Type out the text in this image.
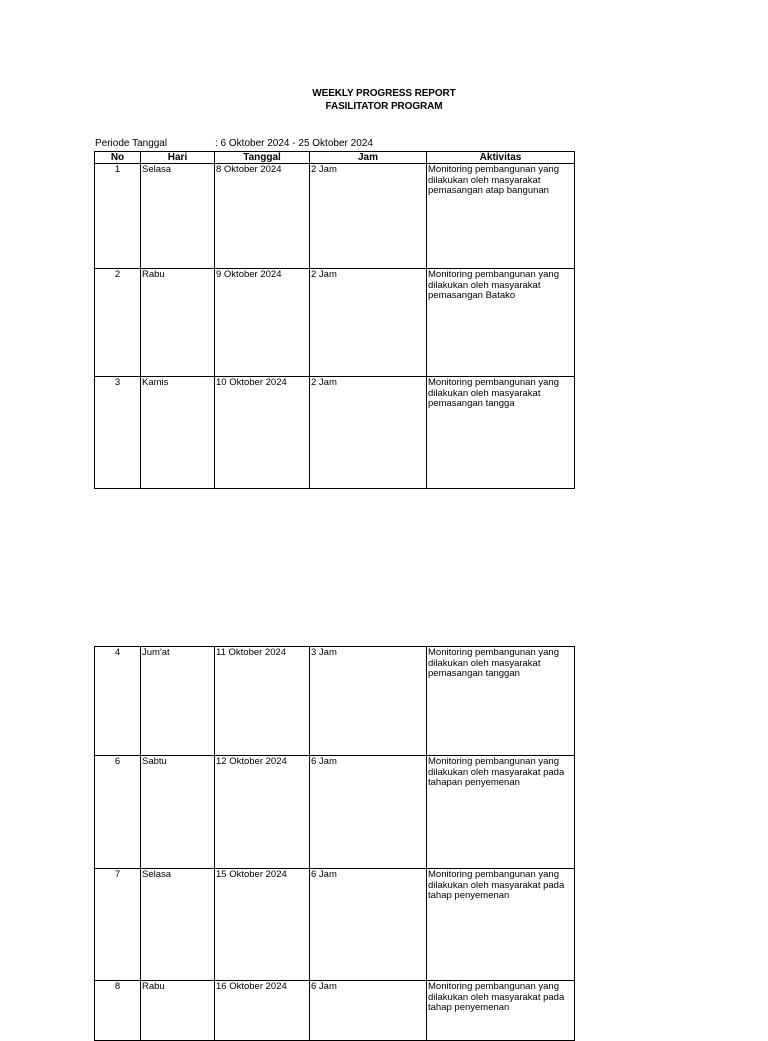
WEEKLY PROGRESS REPORT
FASILITATOR PROGRAM
Periode Tanggal	: 6 Oktober 2024 - 25 Oktober 2024
No	Hari	Tanggal	Jam	Aktivitas
1	Selasa	8 Oktober 2024	2 Jam	Monitoring pembangunan yang dilakukan oleh masyarakat pemasangan atap bangunan
2	Rabu	9 Oktober 2024	2 Jam	Monitoring pembangunan yang dilakukan oleh masyarakat pemasangan Batako
3	Kamis	10 Oktober 2024	2 Jam	Monitoring pembangunan yang dilakukan oleh masyarakat pemasangan tangga
4	Jum'at	11 Oktober 2024	3 Jam	Monitoring pembangunan yang dilakukan oleh masyarakat pemasangan tanggan
6	Sabtu	12 Oktober 2024	6 Jam	Monitoring pembangunan yang dilakukan oleh masyarakat pada tahapan penyemenan
7	Selasa	15 Oktober 2024	6 Jam	Monitoring pembangunan yang dilakukan oleh masyarakat pada tahap penyemenan
8	Rabu	16 Oktober 2024	6 Jam	Monitoring pembangunan yang dilakukan oleh masyarakat pada tahap penyemenan
